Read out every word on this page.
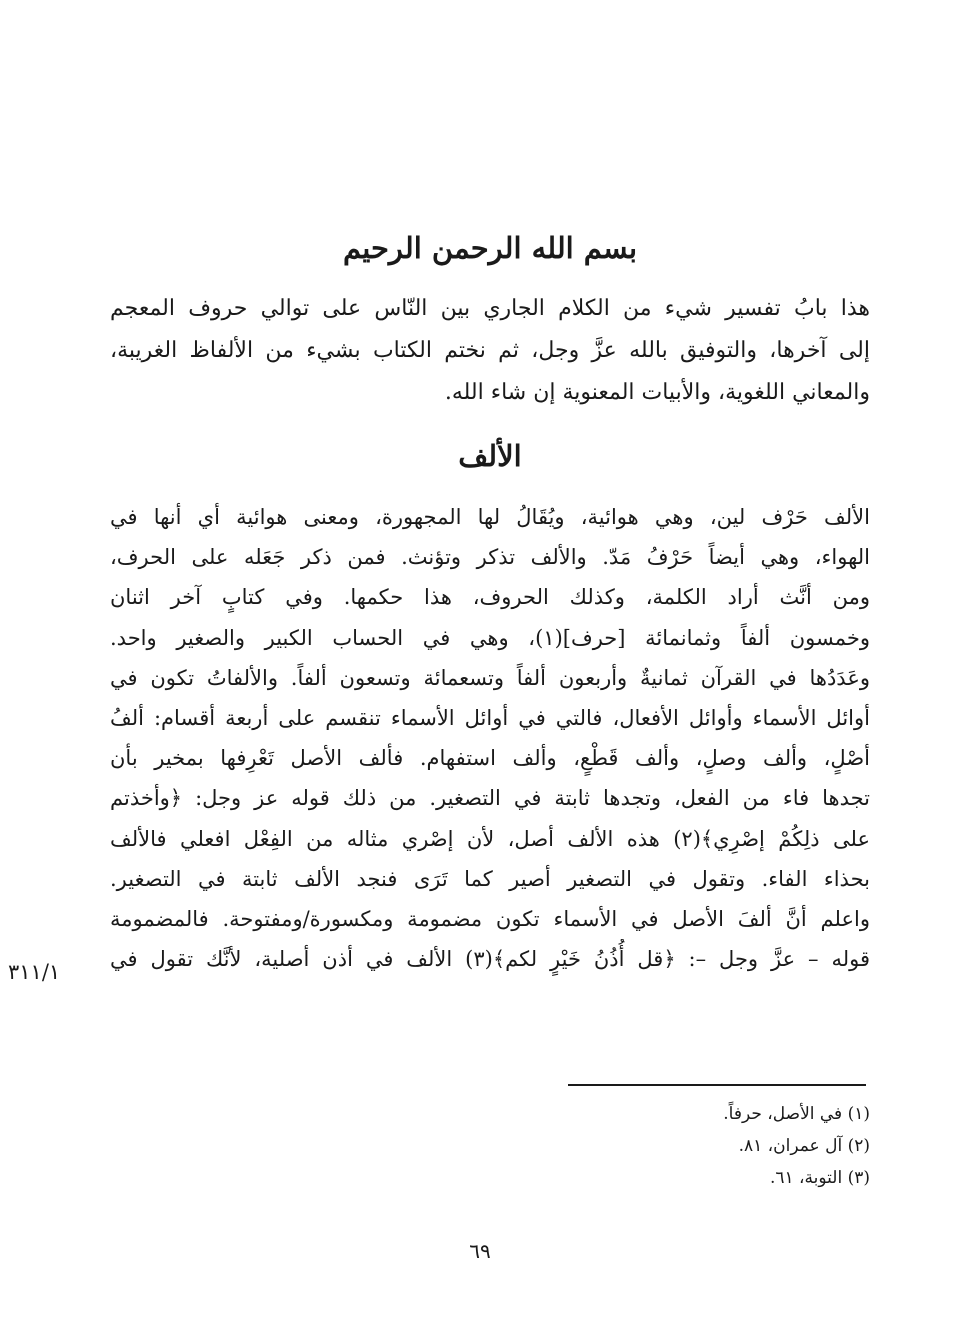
بسم الله الرحمن الرحيم
هذا بابُ تفسير شيء من الكلام الجاري بين النّاس على توالي حروف المعجم
إلى آخرها، والتوفيق بالله عزَّ وجل، ثم نختم الكتاب بشيء من الألفاظ الغريبة،
والمعاني اللغوية، والأبيات المعنوية إن شاء الله.
الألف
الألف حَرْف لين، وهي هوائية، ويُقَالُ لها المجهورة، ومعنى هوائية أي أنها في
الهواء، وهي أيضاً حَرْفُ مَدّ. والألف تذكر وتؤنث. فمن ذكر جَعَله على الحرف،
ومن أنَّث أراد الكلمة، وكذلك الحروف، هذا حكمها. وفي كتابٍ آخر اثنان
وخمسون ألفاً وثمانمائة [حرف](١)، وهي في الحساب الكبير والصغير واحد.
وعَدَدُها في القرآن ثمانيةٌ وأربعون ألفاً وتسعمائة وتسعون ألفاً. والألفاتُ تكون في
أوائل الأسماء وأوائل الأفعال، فالتي في أوائل الأسماء تنقسم على أربعة أقسام: ألفُ
أصْلٍ، وألف وصلٍ، وألف قَطْعٍ، وألف استفهام. فألف الأصل تَعْرِفها بمخير بأن
تجدها فاء من الفعل، وتجدها ثابتة في التصغير. من ذلك قوله عز وجل: ﴿وأخذتم
على ذلِكُمْ إصْرِي﴾(٢) هذه الألف أصل، لأن إصْري مثاله من الفِعْل افعلي فالألف
بحذاء الفاء. وتقول في التصغير أصير كما تَرَى فنجد الألف ثابتة في التصغير.
واعلم أنَّ ألفَ الأصل في الأسماء تكون مضمومة ومكسورة/ومفتوحة. فالمضمومة
قوله – عزَّ وجل –: ﴿قل أُذُنُ خَيْرٍ لكم﴾(٣) الألف في أذن أصلية، لأنَّك تقول في
٣١١/١
(١) في الأصل، حرفاً.
(٢) آل عمران، ٨١.
(٣) التوبة، ٦١.
٦٩
